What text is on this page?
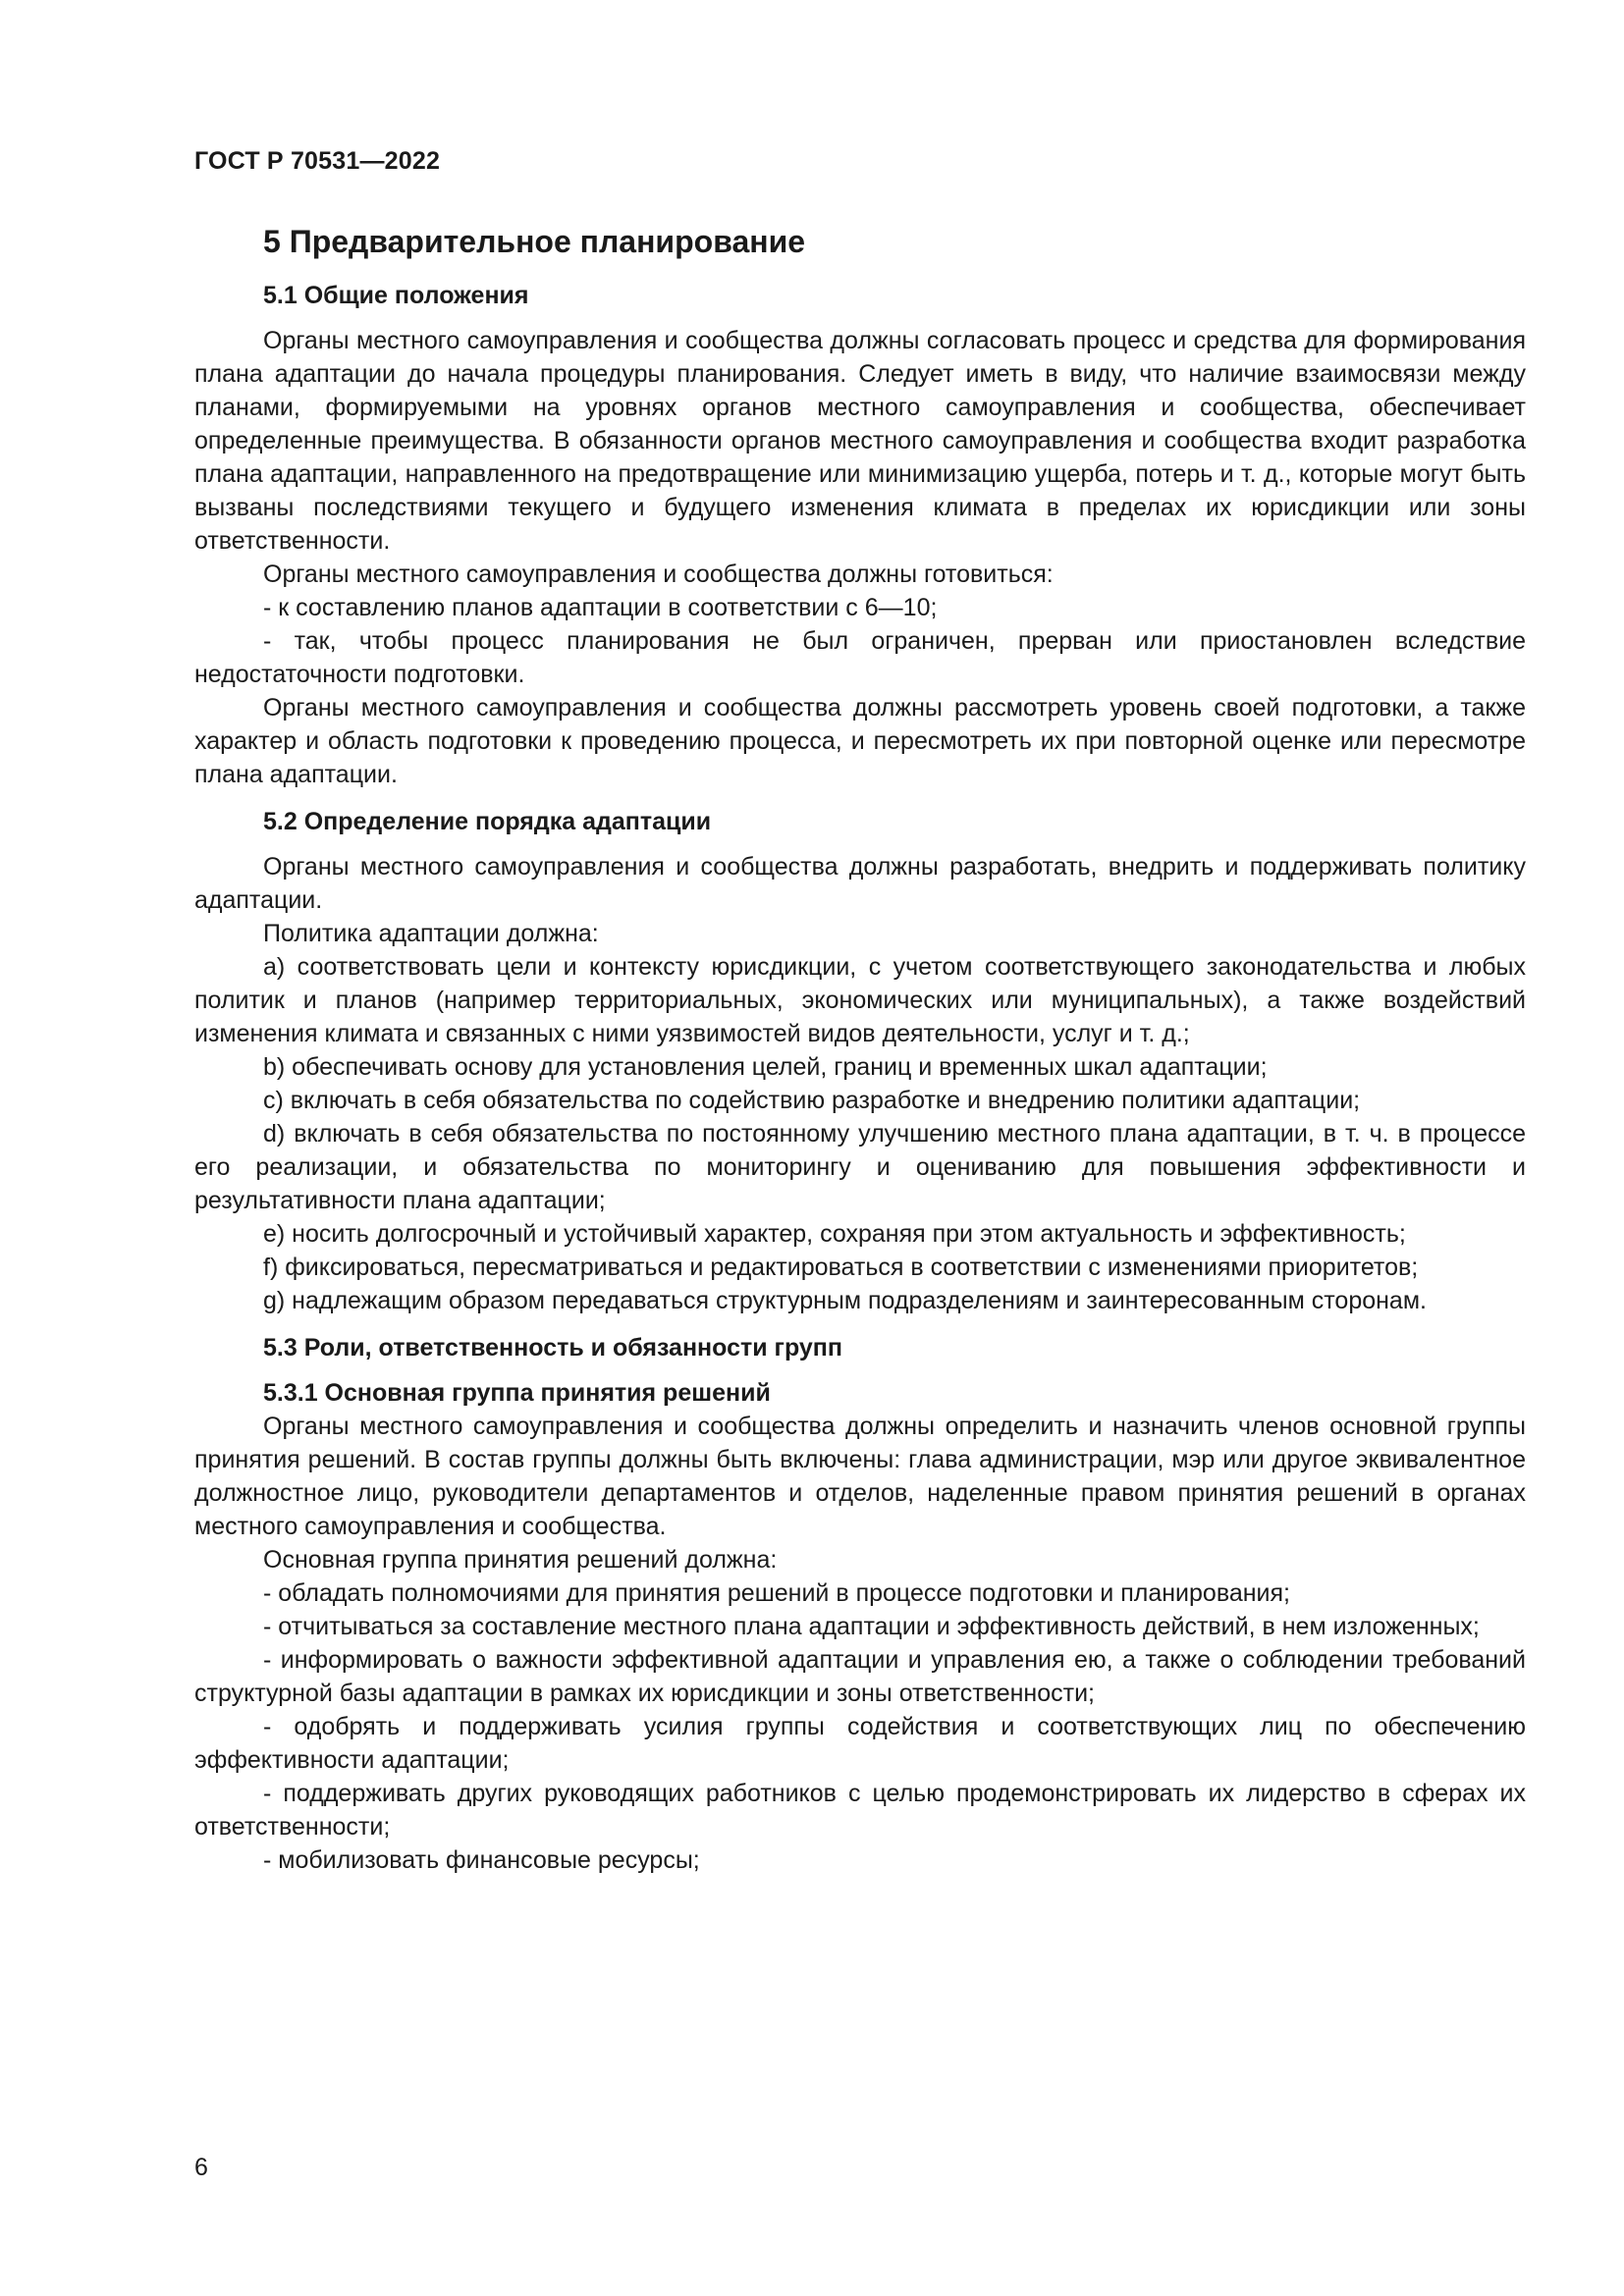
ГОСТ Р 70531—2022
5 Предварительное планирование
5.1 Общие положения

Органы местного самоуправления и сообщества должны согласовать процесс и средства для формирования плана адаптации до начала процедуры планирования. Следует иметь в виду, что наличие взаимосвязи между планами, формируемыми на уровнях органов местного самоуправления и сообщества, обеспечивает определенные преимущества. В обязанности органов местного самоуправления и сообщества входит разработка плана адаптации, направленного на предотвращение или минимизацию ущерба, потерь и т. д., которые могут быть вызваны последствиями текущего и будущего изменения климата в пределах их юрисдикции или зоны ответственности.

Органы местного самоуправления и сообщества должны готовиться:

- к составлению планов адаптации в соответствии с 6—10;

- так, чтобы процесс планирования не был ограничен, прерван или приостановлен вследствие недостаточности подготовки.

Органы местного самоуправления и сообщества должны рассмотреть уровень своей подготовки, а также характер и область подготовки к проведению процесса, и пересмотреть их при повторной оценке или пересмотре плана адаптации.

5.2 Определение порядка адаптации

Органы местного самоуправления и сообщества должны разработать, внедрить и поддерживать политику адаптации.

Политика адаптации должна:

a) соответствовать цели и контексту юрисдикции, с учетом соответствующего законодательства и любых политик и планов (например территориальных, экономических или муниципальных), а также воздействий изменения климата и связанных с ними уязвимостей видов деятельности, услуг и т. д.;

b) обеспечивать основу для установления целей, границ и временных шкал адаптации;

c) включать в себя обязательства по содействию разработке и внедрению политики адаптации;

d) включать в себя обязательства по постоянному улучшению местного плана адаптации, в т. ч. в процессе его реализации, и обязательства по мониторингу и оцениванию для повышения эффективности и результативности плана адаптации;

e) носить долгосрочный и устойчивый характер, сохраняя при этом актуальность и эффективность;

f) фиксироваться, пересматриваться и редактироваться в соответствии с изменениями приоритетов;

g) надлежащим образом передаваться структурным подразделениям и заинтересованным сторонам.

5.3 Роли, ответственность и обязанности групп
5.3.1 Основная группа принятия решений

Органы местного самоуправления и сообщества должны определить и назначить членов основной группы принятия решений. В состав группы должны быть включены: глава администрации, мэр или другое эквивалентное должностное лицо, руководители департаментов и отделов, наделенные правом принятия решений в органах местного самоуправления и сообщества.

Основная группа принятия решений должна:

- обладать полномочиями для принятия решений в процессе подготовки и планирования;

- отчитываться за составление местного плана адаптации и эффективность действий, в нем изложенных;

- информировать о важности эффективной адаптации и управления ею, а также о соблюдении требований структурной базы адаптации в рамках их юрисдикции и зоны ответственности;

- одобрять и поддерживать усилия группы содействия и соответствующих лиц по обеспечению эффективности адаптации;

- поддерживать других руководящих работников с целью продемонстрировать их лидерство в сферах их ответственности;

- мобилизовать финансовые ресурсы;

6
